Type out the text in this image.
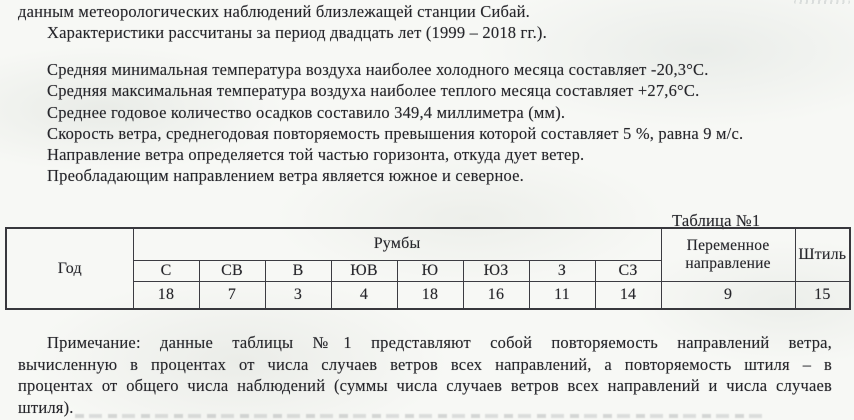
данным метеорологических наблюдений близлежащей станции Сибай.
Характеристики рассчитаны за период двадцать лет (1999 – 2018 гг.).
Средняя минимальная температура воздуха наиболее холодного месяца составляет -20,3°С.
Средняя максимальная температура воздуха наиболее теплого месяца составляет +27,6°С.
Среднее годовое количество осадков составило 349,4 миллиметра (мм).
Скорость ветра, среднегодовая повторяемость превышения которой составляет 5 %, равна 9 м/с.
Направление ветра определяется той частью горизонта, откуда дует ветер.
Преобладающим направлением ветра является южное и северное.
Таблица №1
Год	Румбы								Переменное направление	Штиль
	С	СВ	В	ЮВ	Ю	ЮЗ	З	СЗ		
	18	7	3	4	18	16	11	14	9	15
Примечание: данные таблицы №1 представляют собой повторяемость направлений ветра,
вычисленную в процентах от числа случаев ветров всех направлений, а повторяемость штиля – в
процентах от общего числа наблюдений (суммы числа случаев ветров всех направлений и числа случаев
штиля).
